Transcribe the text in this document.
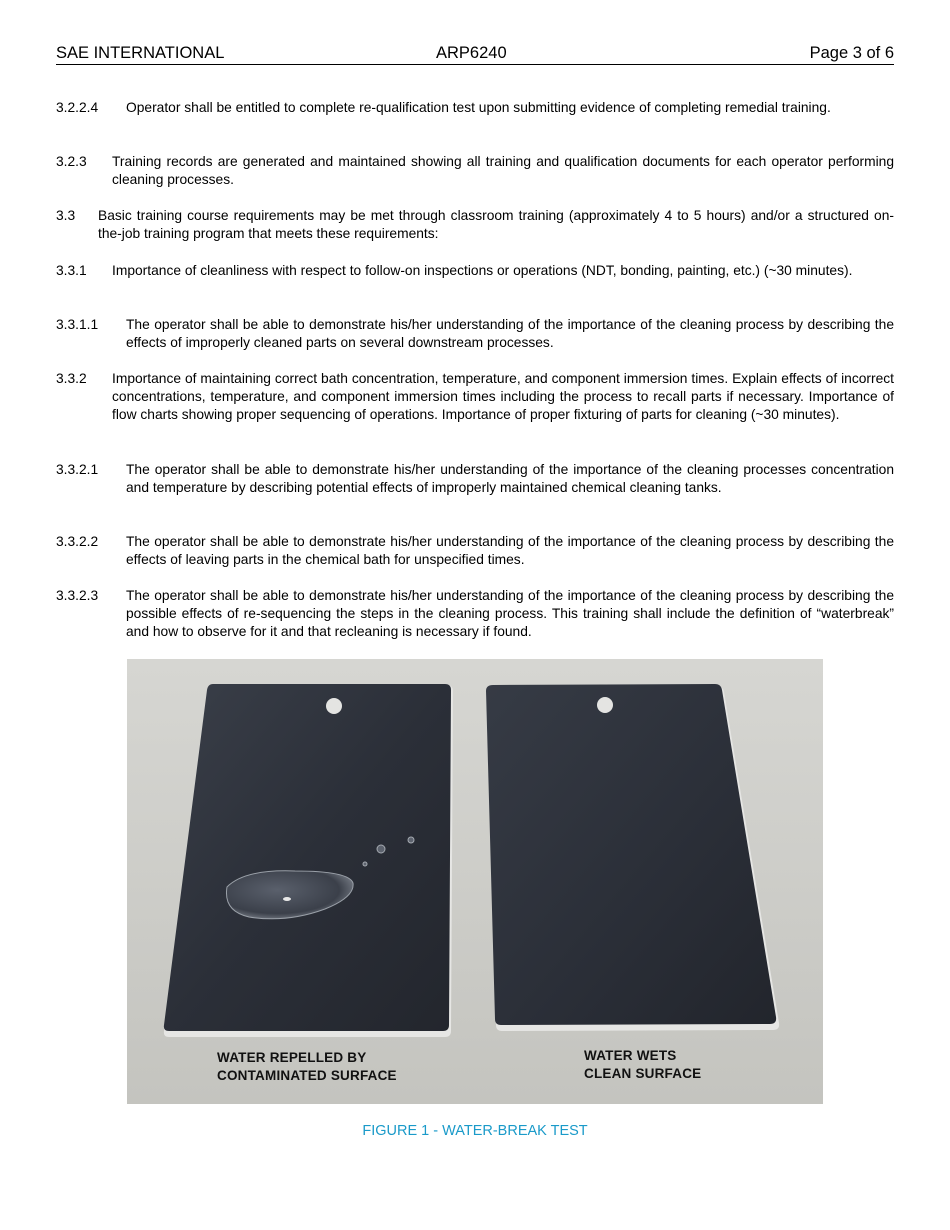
SAE INTERNATIONAL	ARP6240	Page 3 of 6
3.2.2.4 Operator shall be entitled to complete re-qualification test upon submitting evidence of completing remedial training.
3.2.3 Training records are generated and maintained showing all training and qualification documents for each operator performing cleaning processes.
3.3 Basic training course requirements may be met through classroom training (approximately 4 to 5 hours) and/or a structured on-the-job training program that meets these requirements:
3.3.1 Importance of cleanliness with respect to follow-on inspections or operations (NDT, bonding, painting, etc.) (~30 minutes).
3.3.1.1 The operator shall be able to demonstrate his/her understanding of the importance of the cleaning process by describing the effects of improperly cleaned parts on several downstream processes.
3.3.2 Importance of maintaining correct bath concentration, temperature, and component immersion times. Explain effects of incorrect concentrations, temperature, and component immersion times including the process to recall parts if necessary. Importance of flow charts showing proper sequencing of operations. Importance of proper fixturing of parts for cleaning (~30 minutes).
3.3.2.1 The operator shall be able to demonstrate his/her understanding of the importance of the cleaning processes concentration and temperature by describing potential effects of improperly maintained chemical cleaning tanks.
3.3.2.2 The operator shall be able to demonstrate his/her understanding of the importance of the cleaning process by describing the effects of leaving parts in the chemical bath for unspecified times.
3.3.2.3 The operator shall be able to demonstrate his/her understanding of the importance of the cleaning process by describing the possible effects of re-sequencing the steps in the cleaning process. This training shall include the definition of “waterbreak” and how to observe for it and that recleaning is necessary if found.
WATER REPELLED BY
CONTAMINATED SURFACE
WATER WETS
CLEAN SURFACE
FIGURE 1 - WATER-BREAK TEST
